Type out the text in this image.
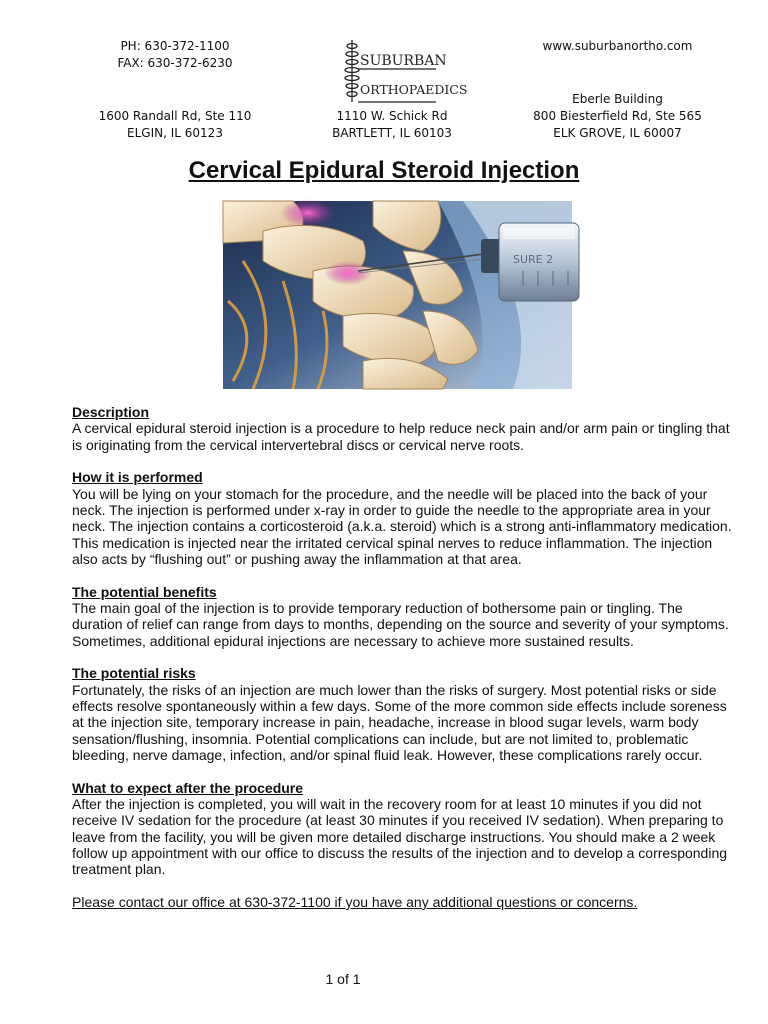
PH: 630-372-1100
FAX: 630-372-6230	SUBURBAN
ORTHOPAEDICS
www.suburbanortho.com
1600 Randall Rd, Ste 110
ELGIN, IL 60123
1110 W. Schick Rd
BARTLETT, IL 60103
Eberle Building
800 Biesterfield Rd, Ste 565
ELK GROVE, IL 60007
Cervical Epidural Steroid Injection
SURE 2
Description

A cervical epidural steroid injection is a procedure to help reduce neck pain and/or arm pain or tingling that is originating from the cervical intervertebral discs or cervical nerve roots.

How it is performed

You will be lying on your stomach for the procedure, and the needle will be placed into the back of your neck. The injection is performed under x-ray in order to guide the needle to the appropriate area in your neck. The injection contains a corticosteroid (a.k.a. steroid) which is a strong anti-inflammatory medication. This medication is injected near the irritated cervical spinal nerves to reduce inflammation. The injection also acts by “flushing out” or pushing away the inflammation at that area.

The potential benefits

The main goal of the injection is to provide temporary reduction of bothersome pain or tingling. The duration of relief can range from days to months, depending on the source and severity of your symptoms. Sometimes, additional epidural injections are necessary to achieve more sustained results.

The potential risks

Fortunately, the risks of an injection are much lower than the risks of surgery. Most potential risks or side effects resolve spontaneously within a few days. Some of the more common side effects include soreness at the injection site, temporary increase in pain, headache, increase in blood sugar levels, warm body sensation/flushing, insomnia. Potential complications can include, but are not limited to, problematic bleeding, nerve damage, infection, and/or spinal fluid leak. However, these complications rarely occur.

What to expect after the procedure

After the injection is completed, you will wait in the recovery room for at least 10 minutes if you did not receive IV sedation for the procedure (at least 30 minutes if you received IV sedation). When preparing to leave from the facility, you will be given more detailed discharge instructions. You should make a 2 week follow up appointment with our office to discuss the results of the injection and to develop a corresponding treatment plan.

Please contact our office at 630-372-1100 if you have any additional questions or concerns.

1 of 1
